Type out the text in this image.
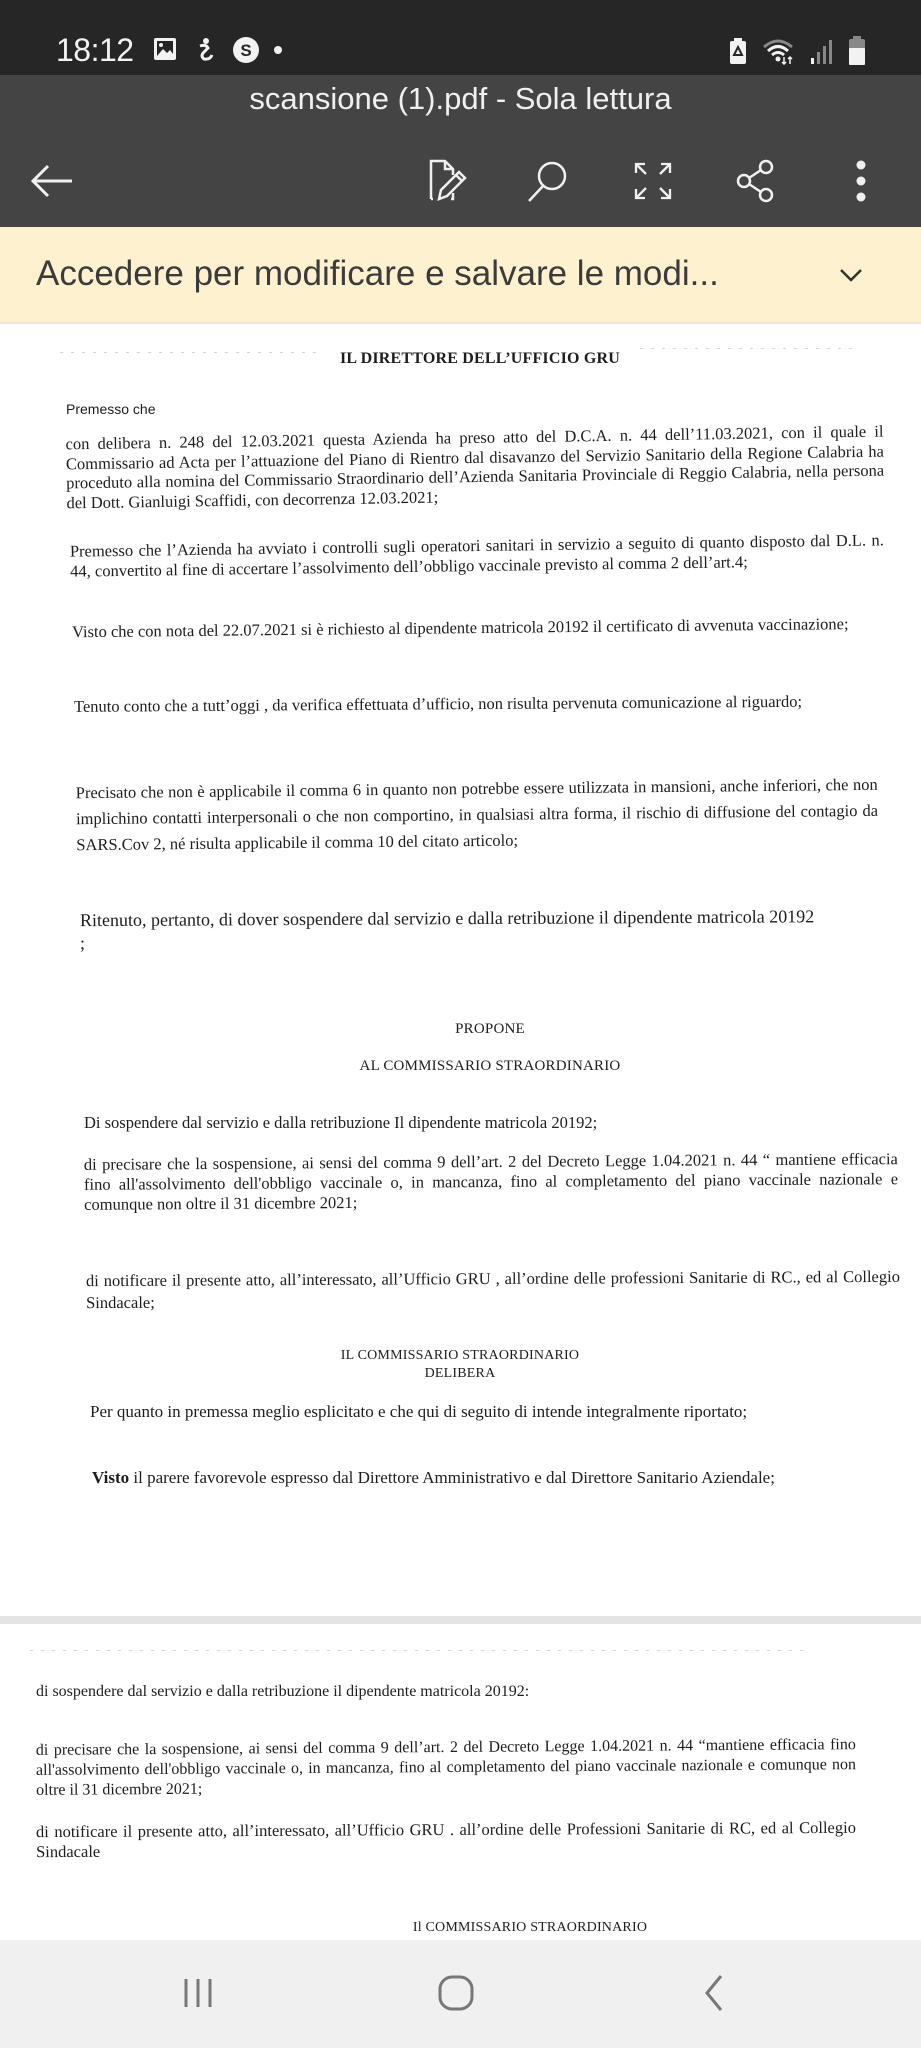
18:12	S
scansione (1).pdf - Sola lettura
Accedere per modificare e salvare le modi...
IL DIRETTORE DELL’UFFICIO GRU
Premesso che
con delibera n. 248 del 12.03.2021 questa Azienda ha preso atto del D.C.A. n. 44 dell’11.03.2021, con il quale il Commissario ad Acta per l’attuazione del Piano di Rientro dal disavanzo del Servizio Sanitario della Regione Calabria ha proceduto alla nomina del Commissario Straordinario dell’Azienda Sanitaria Provinciale di Reggio Calabria, nella persona del Dott. Gianluigi Scaffidi, con decorrenza 12.03.2021;
Premesso che l’Azienda ha avviato i controlli sugli operatori sanitari in servizio a seguito di quanto disposto dal D.L. n. 44, convertito al fine di accertare l’assolvimento dell’obbligo vaccinale previsto al comma 2 dell’art.4;
Visto che con nota del 22.07.2021 si è richiesto al dipendente matricola 20192 il certificato di avvenuta vaccinazione;
Tenuto conto che a tutt’oggi , da verifica effettuata d’ufficio, non risulta pervenuta comunicazione al riguardo;
Precisato che non è applicabile il comma 6 in quanto non potrebbe essere utilizzata in mansioni, anche inferiori, che non implichino contatti interpersonali o che non comportino, in qualsiasi altra forma, il rischio di diffusione del contagio da SARS.Cov 2, né risulta applicabile il comma 10 del citato articolo;
Ritenuto, pertanto, di dover sospendere dal servizio e dalla retribuzione il dipendente matricola 20192
;
PROPONE
AL COMMISSARIO STRAORDINARIO
Di sospendere dal servizio e dalla retribuzione Il dipendente matricola 20192;
di precisare che la sospensione, ai sensi del comma 9 dell’art. 2 del Decreto Legge 1.04.2021 n. 44 “ mantiene efficacia fino all'assolvimento dell'obbligo vaccinale o, in mancanza, fino al completamento del piano vaccinale nazionale e comunque non oltre il 31 dicembre 2021;
di notificare il presente atto, all’interessato, all’Ufficio GRU , all’ordine delle professioni Sanitarie di RC., ed al Collegio Sindacale;
IL COMMISSARIO STRAORDINARIO
DELIBERA
Per quanto in premessa meglio esplicitato e che qui di seguito di intende integralmente riportato;
Visto il parere favorevole espresso dal Direttore Amministrativo e dal Direttore Sanitario Aziendale;
di sospendere dal servizio e dalla retribuzione il dipendente matricola 20192:
di precisare che la sospensione, ai sensi del comma 9 dell’art. 2 del Decreto Legge 1.04.2021 n. 44 “mantiene efficacia fino all'assolvimento dell'obbligo vaccinale o, in mancanza, fino al completamento del piano vaccinale nazionale e comunque non oltre il 31 dicembre 2021;
di notificare il presente atto, all’interessato, all’Ufficio GRU . all’ordine delle Professioni Sanitarie di RC, ed al Collegio Sindacale
Il COMMISSARIO STRAORDINARIO
